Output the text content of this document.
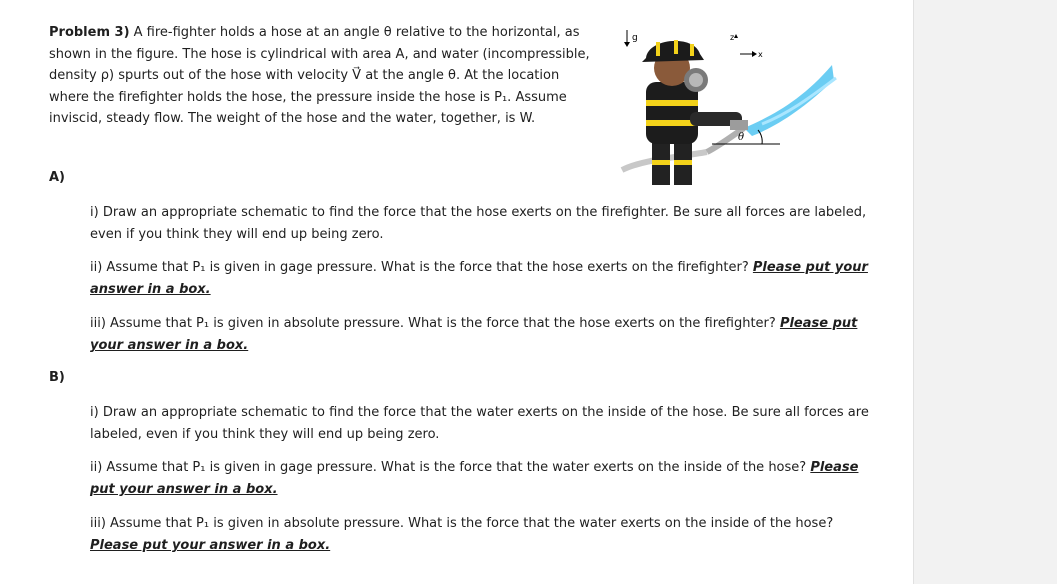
Problem 3) A fire-fighter holds a hose at an angle θ relative to the horizontal, as shown in the figure. The hose is cylindrical with area A, and water (incompressible, density ρ) spurts out of the hose with velocity V⃗ at the angle θ. At the location where the firefighter holds the hose, the pressure inside the hose is P₁. Assume inviscid, steady flow. The weight of the hose and the water, together, is W.

θ
g	z
x
A)

i) Draw an appropriate schematic to find the force that the hose exerts on the firefighter. Be sure all forces are labeled, even if you think they will end up being zero.

ii) Assume that P₁ is given in gage pressure. What is the force that the hose exerts on the firefighter? Please put your answer in a box.

iii) Assume that P₁ is given in absolute pressure. What is the force that the hose exerts on the firefighter? Please put your answer in a box.

B)

i) Draw an appropriate schematic to find the force that the water exerts on the inside of the hose. Be sure all forces are labeled, even if you think they will end up being zero.

ii) Assume that P₁ is given in gage pressure. What is the force that the water exerts on the inside of the hose? Please put your answer in a box.

iii) Assume that P₁ is given in absolute pressure. What is the force that the water exerts on the inside of the hose? Please put your answer in a box.
